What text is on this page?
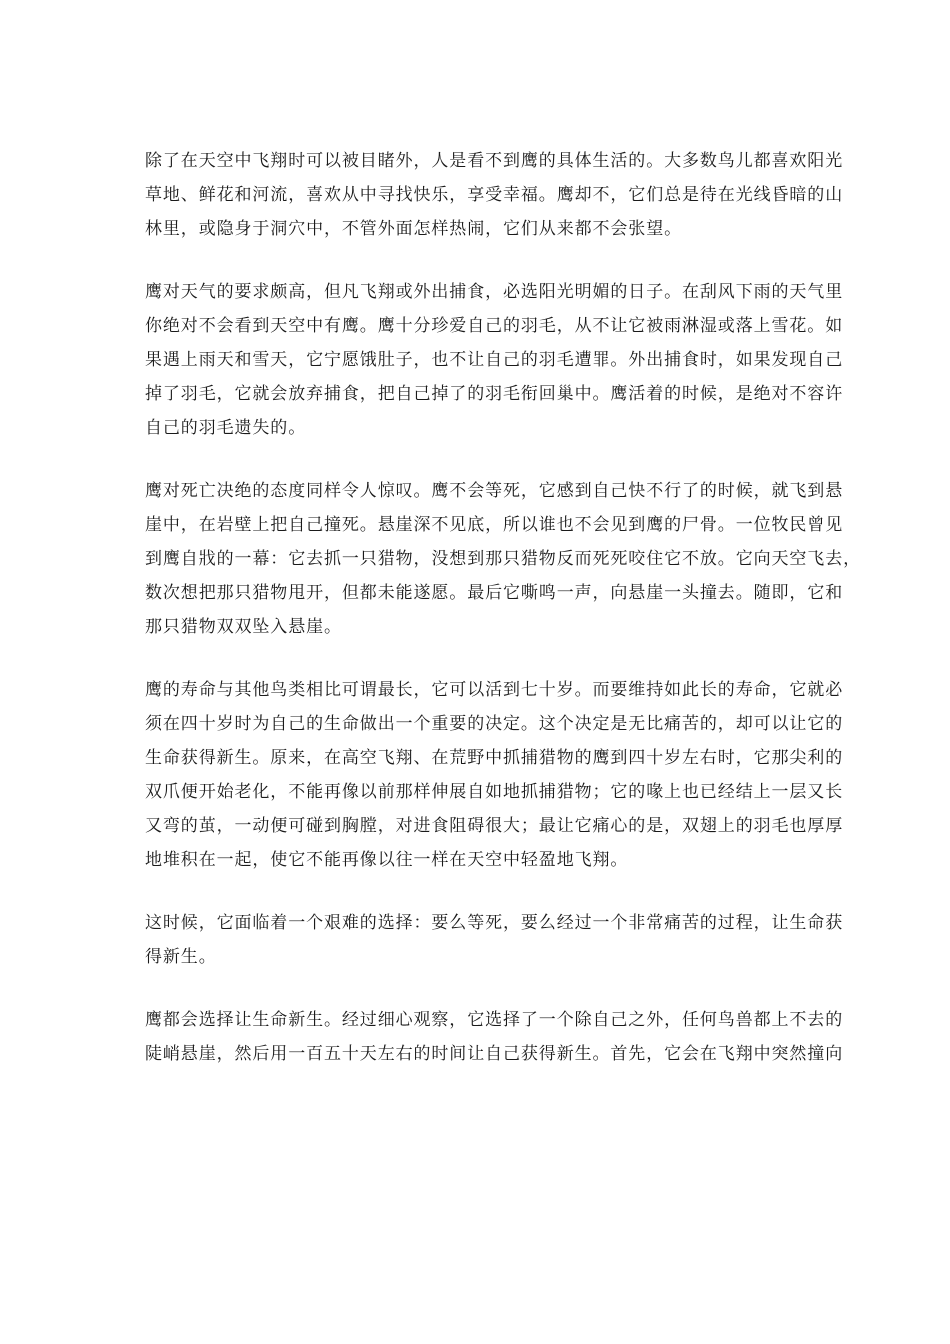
除了在天空中飞翔时可以被目睹外，人是看不到鹰的具体生活的。大多数鸟儿都喜欢阳光
草地、鲜花和河流，喜欢从中寻找快乐，享受幸福。鹰却不，它们总是待在光线昏暗的山
林里，或隐身于洞穴中，不管外面怎样热闹，它们从来都不会张望。

鹰对天气的要求颇高，但凡飞翔或外出捕食，必选阳光明媚的日子。在刮风下雨的天气里
你绝对不会看到天空中有鹰。鹰十分珍爱自己的羽毛，从不让它被雨淋湿或落上雪花。如
果遇上雨天和雪天，它宁愿饿肚子，也不让自己的羽毛遭罪。外出捕食时，如果发现自己
掉了羽毛，它就会放弃捕食，把自己掉了的羽毛衔回巢中。鹰活着的时候，是绝对不容许
自己的羽毛遗失的。

鹰对死亡决绝的态度同样令人惊叹。鹰不会等死，它感到自己快不行了的时候，就飞到悬
崖中，在岩壁上把自己撞死。悬崖深不见底，所以谁也不会见到鹰的尸骨。一位牧民曾见
到鹰自戕的一幕：它去抓一只猎物，没想到那只猎物反而死死咬住它不放。它向天空飞去，
数次想把那只猎物甩开，但都未能遂愿。最后它嘶鸣一声，向悬崖一头撞去。随即，它和
那只猎物双双坠入悬崖。

鹰的寿命与其他鸟类相比可谓最长，它可以活到七十岁。而要维持如此长的寿命，它就必
须在四十岁时为自己的生命做出一个重要的决定。这个决定是无比痛苦的，却可以让它的
生命获得新生。原来，在高空飞翔、在荒野中抓捕猎物的鹰到四十岁左右时，它那尖利的
双爪便开始老化，不能再像以前那样伸展自如地抓捕猎物；它的喙上也已经结上一层又长
又弯的茧，一动便可碰到胸膛，对进食阻碍很大；最让它痛心的是，双翅上的羽毛也厚厚
地堆积在一起，使它不能再像以往一样在天空中轻盈地飞翔。

这时候，它面临着一个艰难的选择：要么等死，要么经过一个非常痛苦的过程，让生命获
得新生。

鹰都会选择让生命新生。经过细心观察，它选择了一个除自己之外，任何鸟兽都上不去的
陡峭悬崖，然后用一百五十天左右的时间让自己获得新生。首先，它会在飞翔中突然撞向
